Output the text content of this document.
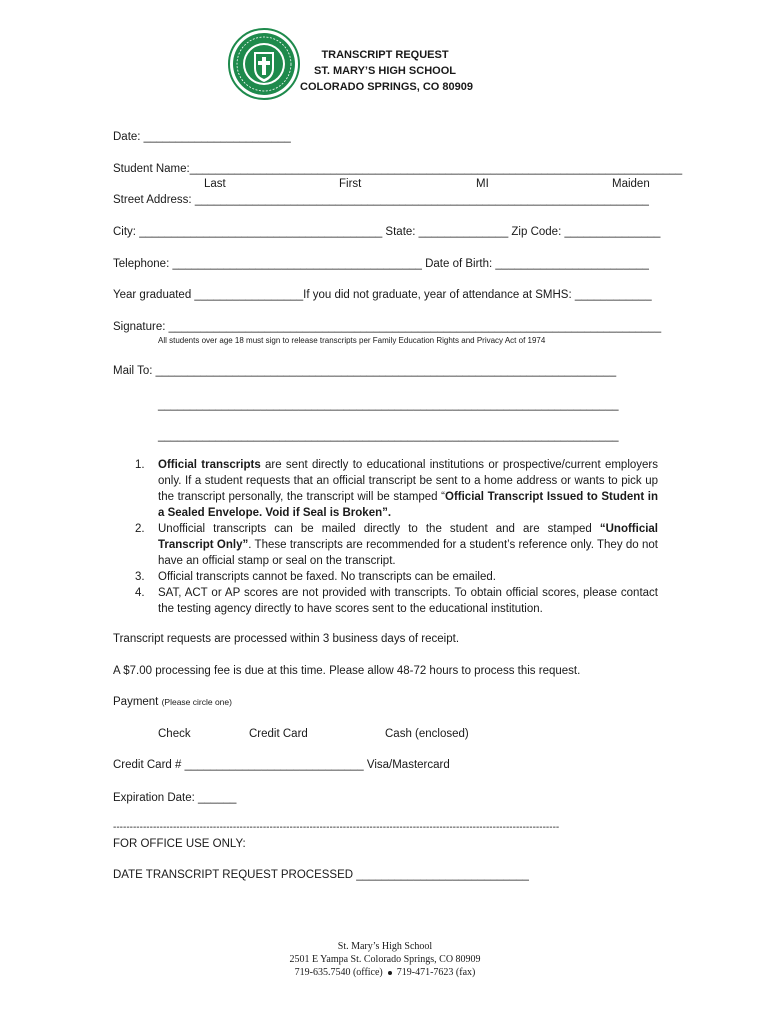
TRANSCRIPT REQUEST
ST. MARY’S HIGH SCHOOL
COLORADO SPRINGS, CO 80909
Date: _______________________
Student Name:_____________________________________________________________________________
Last	First	MI	Maiden
Street Address: _______________________________________________________________________
City: ______________________________________ State: ______________ Zip Code: _______________
Telephone: _______________________________________ Date of Birth: ________________________
Year graduated _________________If you did not graduate, year of attendance at SMHS: ____________
Signature: _____________________________________________________________________________
All students over age 18 must sign to release transcripts per Family Education Rights and Privacy Act of 1974
Mail To: ________________________________________________________________________
________________________________________________________________________
________________________________________________________________________
1. Official transcripts are sent directly to educational institutions or prospective/current employers only. If a student requests that an official transcript be sent to a home address or wants to pick up the transcript personally, the transcript will be stamped “Official Transcript Issued to Student in a Sealed Envelope. Void if Seal is Broken”.
2. Unofficial transcripts can be mailed directly to the student and are stamped “Unofficial Transcript Only”. These transcripts are recommended for a student’s reference only. They do not have an official stamp or seal on the transcript.
3. Official transcripts cannot be faxed. No transcripts can be emailed.
4. SAT, ACT or AP scores are not provided with transcripts. To obtain official scores, please contact the testing agency directly to have scores sent to the educational institution.
Transcript requests are processed within 3 business days of receipt.
A $7.00 processing fee is due at this time. Please allow 48-72 hours to process this request.
Payment (Please circle one)
Check	Credit Card	Cash (enclosed)
Credit Card # ____________________________ Visa/Mastercard
Expiration Date: ______
--------------------------------------------------------------------------------------------------------------------------------------
FOR OFFICE USE ONLY:
DATE TRANSCRIPT REQUEST PROCESSED ___________________________
St. Mary’s High School
2501 E Yampa St. Colorado Springs, CO 80909
719-635.7540 (office) 719-471-7623 (fax)
